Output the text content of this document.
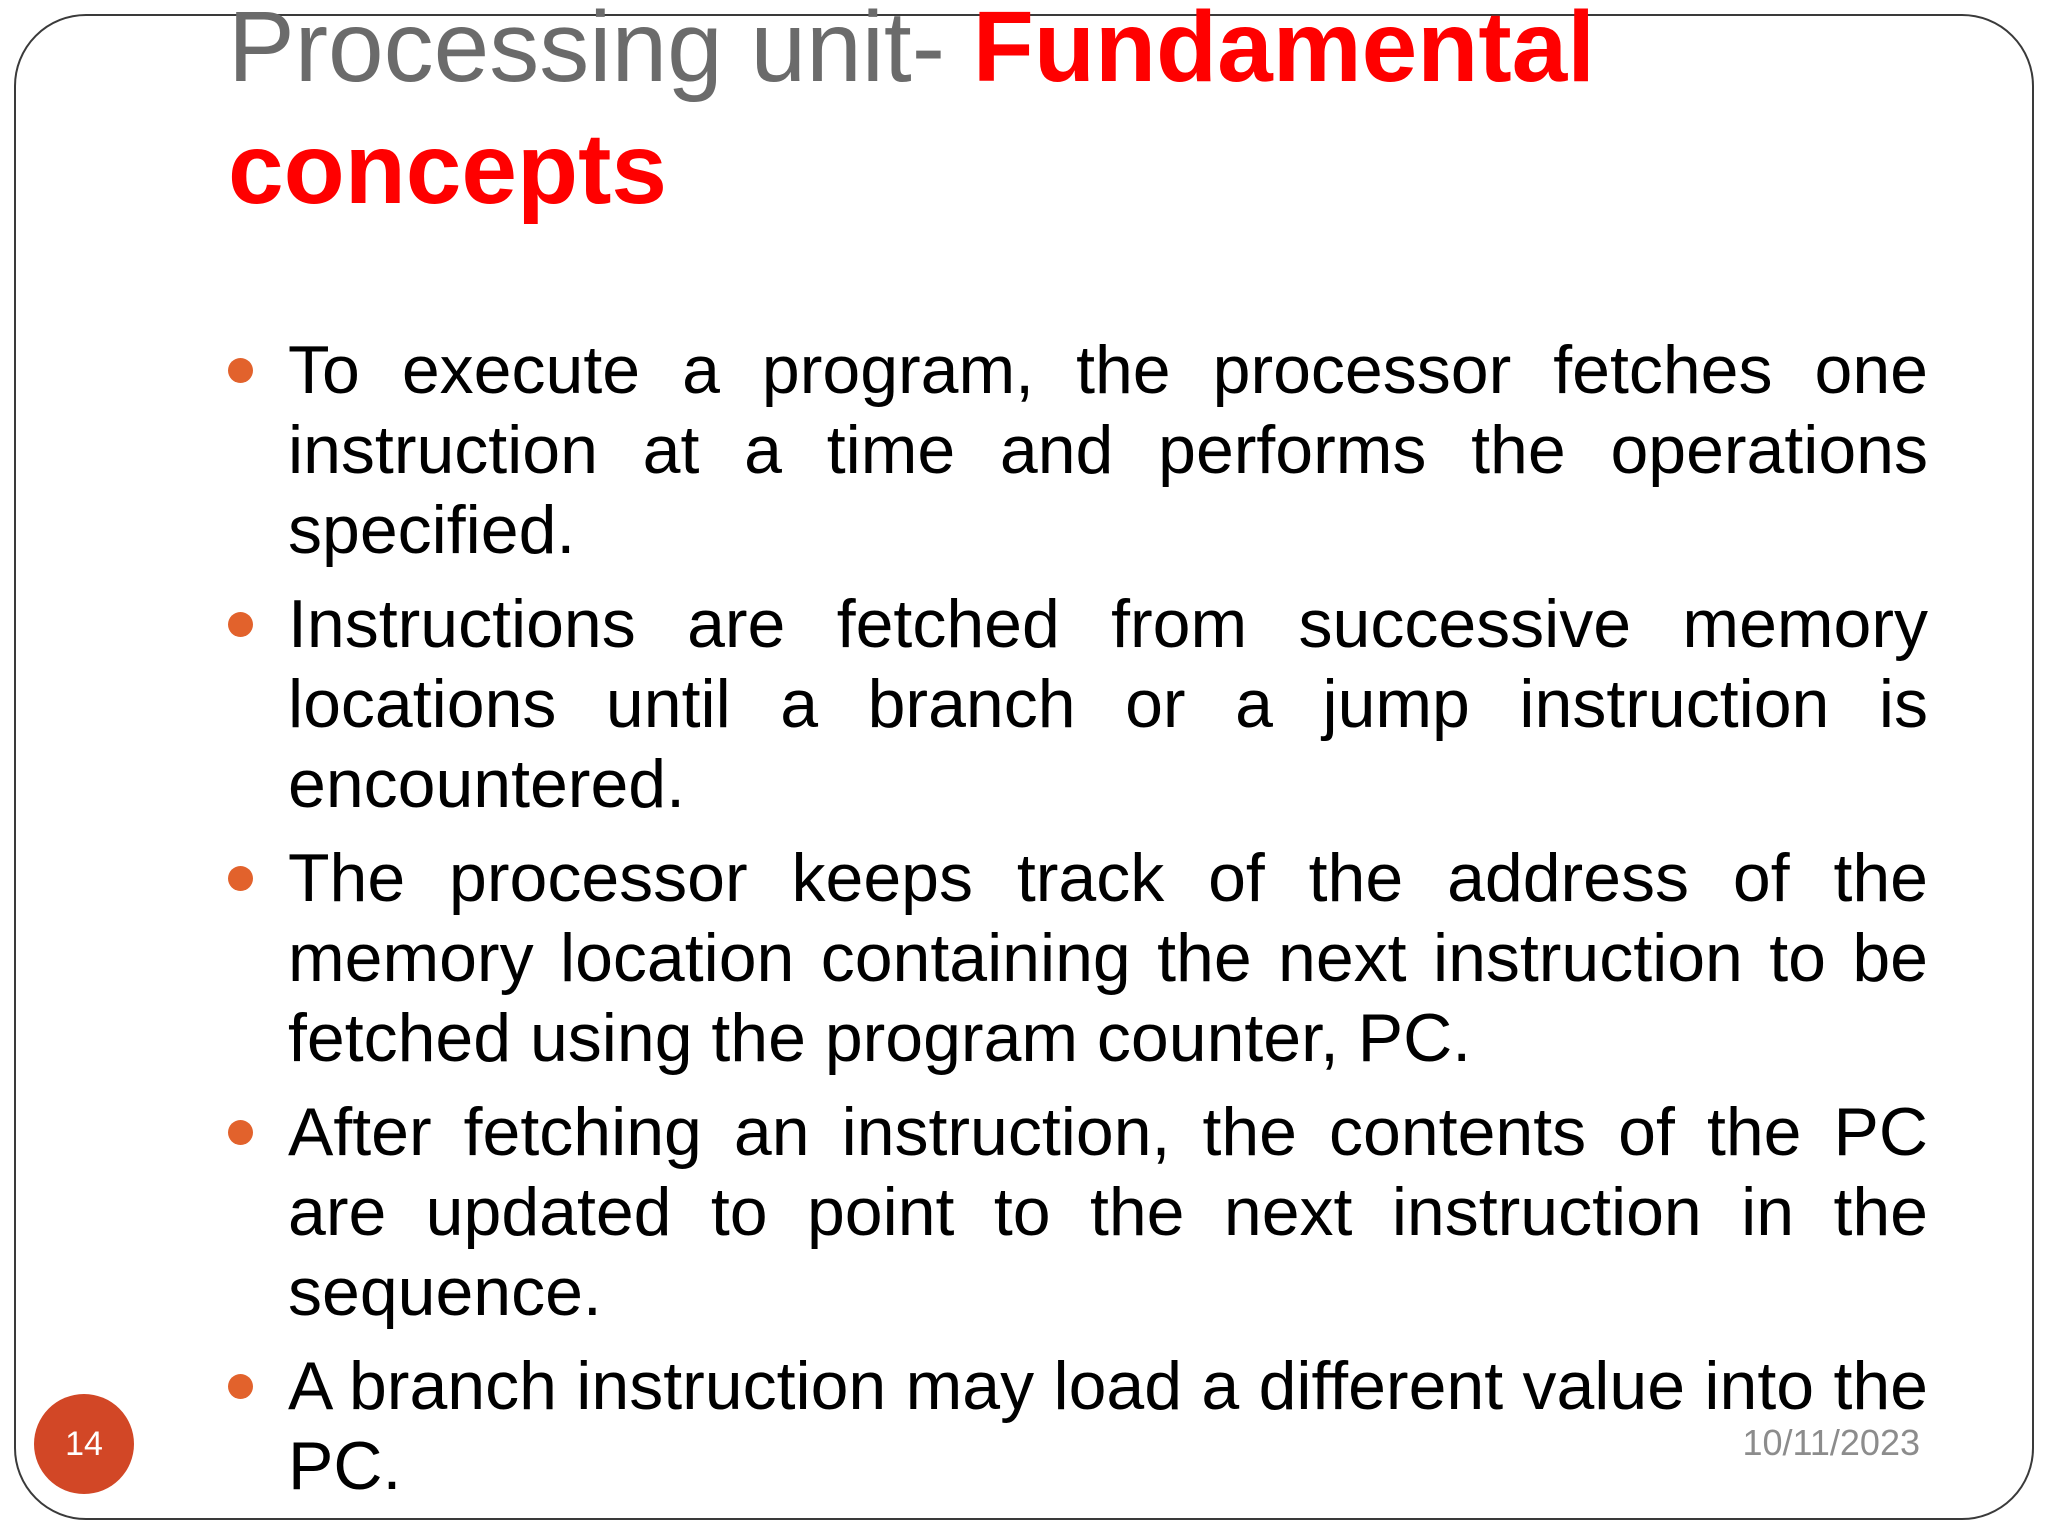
Processing unit- Fundamental concepts
To execute a program, the processor fetches one instruction at a time and performs the operations specified.
Instructions are fetched from successive memory locations until a branch or a jump instruction is encountered.
The processor keeps track of the address of the memory location containing the next instruction to be fetched using the program counter, PC.
After fetching an instruction, the contents of the PC are updated to point to the next instruction in the sequence.
A branch instruction may load a different value into the PC.
14	10/11/2023
